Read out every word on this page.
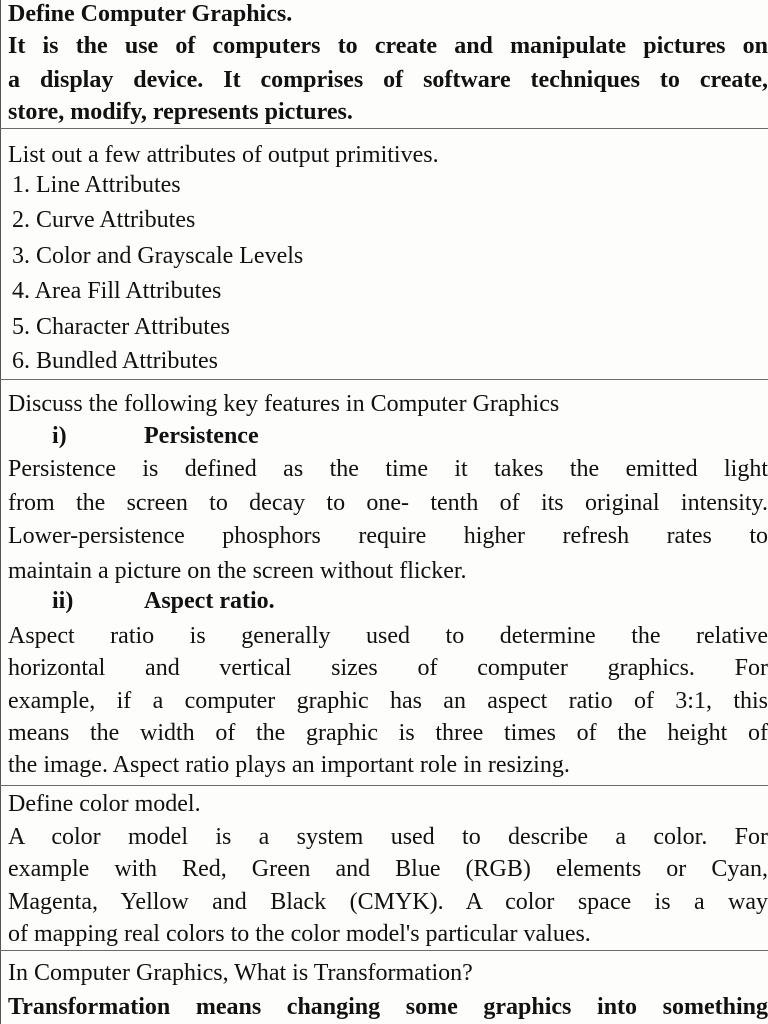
Define Computer Graphics.
It is the use of computers to create and manipulate pictures on
a display device. It comprises of software techniques to create,
store, modify, represents pictures.
List out a few attributes of output primitives.
1. Line Attributes
2. Curve Attributes
3. Color and Grayscale Levels
4. Area Fill Attributes
5. Character Attributes
6. Bundled Attributes
Discuss the following key features in Computer Graphics
i)	Persistence
Persistence is defined as the time it takes the emitted light
from the screen to decay to one- tenth of its original intensity.
Lower-persistence phosphors require higher refresh rates to
maintain a picture on the screen without flicker.
ii)	Aspect ratio.
Aspect ratio is generally used to determine the relative
horizontal and vertical sizes of computer graphics. For
example, if a computer graphic has an aspect ratio of 3:1, this
means the width of the graphic is three times of the height of
the image. Aspect ratio plays an important role in resizing.
Define color model.
A color model is a system used to describe a color. For
example with Red, Green and Blue (RGB) elements or Cyan,
Magenta, Yellow and Black (CMYK). A color space is a way
of mapping real colors to the color model's particular values.
In Computer Graphics, What is Transformation?
Transformation means changing some graphics into something
